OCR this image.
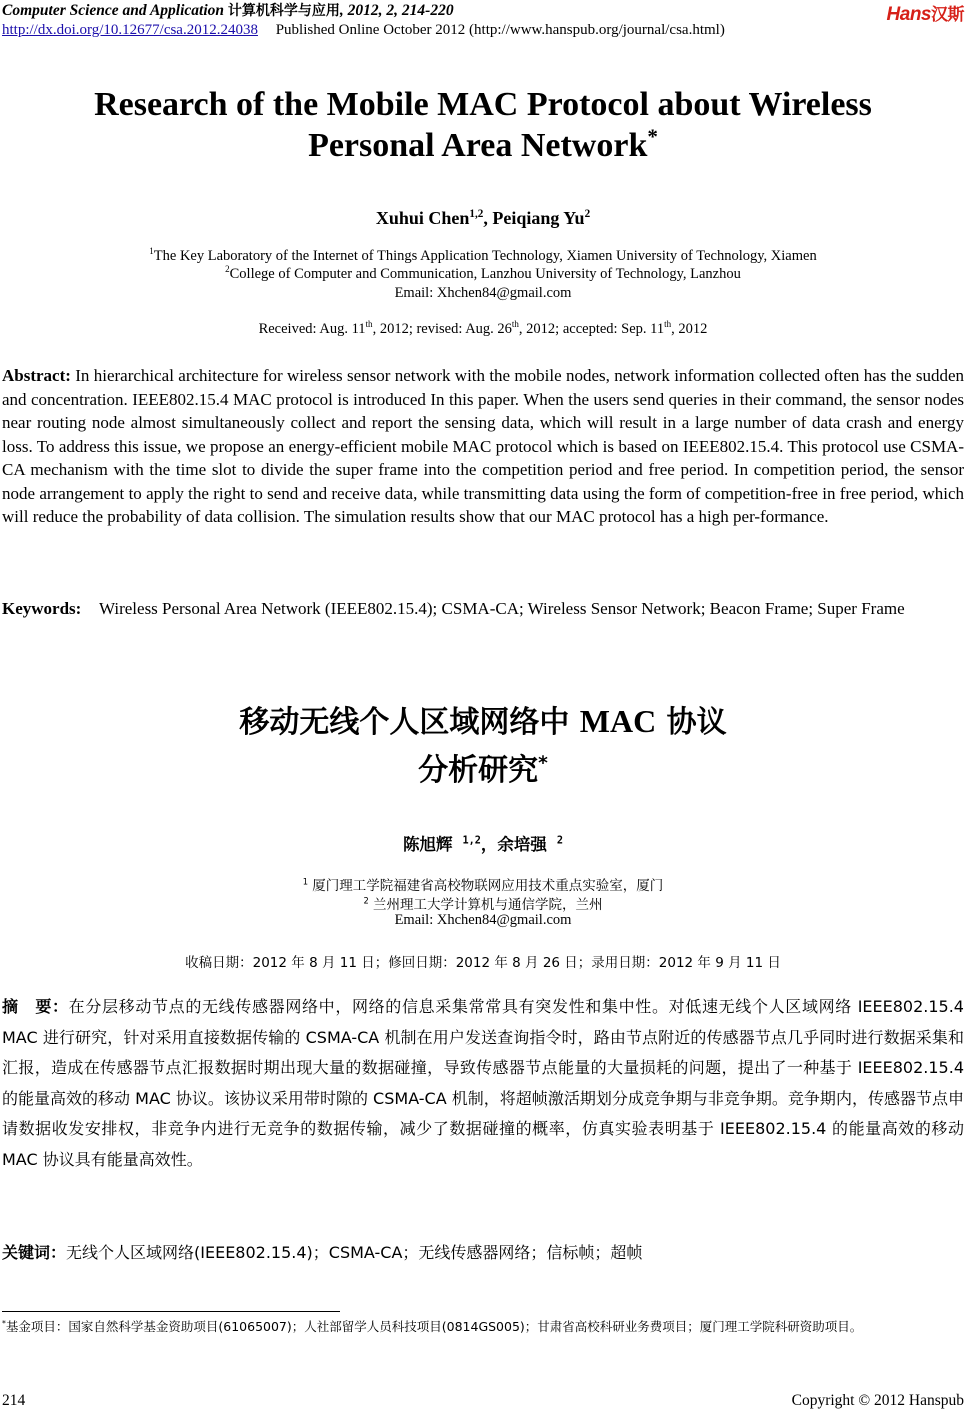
Computer Science and Application 计算机科学与应用, 2012, 2, 214-220
http://dx.doi.org/10.12677/csa.2012.24038 Published Online October 2012 (http://www.hanspub.org/journal/csa.html)
Hans汉斯
Research of the Mobile MAC Protocol about Wireless
Personal Area Network*
Xuhui Chen$^{1,2}$, Peiqiang Yu$^2$
$^1$The Key Laboratory of the Internet of Things Application Technology, Xiamen University of Technology, Xiamen
$^2$College of Computer and Communication, Lanzhou University of Technology, Lanzhou
Email: Xhchen84@gmail.com
Received: Aug. 11th, 2012; revised: Aug. 26th, 2012; accepted: Sep. 11th, 2012
Abstract: In hierarchical architecture for wireless sensor network with the mobile nodes, network information collected often has the sudden and concentration. IEEE802.15.4 MAC protocol is introduced In this paper. When the users send queries in their command, the sensor nodes near routing node almost simultaneously collect and report the sensing data, which will result in a large number of data crash and energy loss. To address this issue, we propose an energy-efficient mobile MAC protocol which is based on IEEE802.15.4. This protocol use CSMA-CA mechanism with the time slot to divide the super frame into the competition period and free period. In competition period, the sensor node arrangement to apply the right to send and receive data, while transmitting data using the form of competition-free in free period, which will reduce the probability of data collision. The simulation results show that our MAC protocol has a high per-formance.
Keywords: Wireless Personal Area Network (IEEE802.15.4); CSMA-CA; Wireless Sensor Network; Beacon Frame; Super Frame
移动无线个人区域网络中 MAC 协议
分析研究*
陈旭辉 $^{1,2}$，余培强 $^2$
$^1$ 厦门理工学院福建省高校物联网应用技术重点实验室，厦门
$^2$ 兰州理工大学计算机与通信学院，兰州
Email: Xhchen84@gmail.com
收稿日期：2012 年 8 月 11 日；修回日期：2012 年 8 月 26 日；录用日期：2012 年 9 月 11 日
摘　要：在分层移动节点的无线传感器网络中，网络的信息采集常常具有突发性和集中性。对低速无线个人区域网络 IEEE802.15.4 MAC 进行研究，针对采用直接数据传输的 CSMA-CA 机制在用户发送查询指令时，路由节点附近的传感器节点几乎同时进行数据采集和汇报，造成在传感器节点汇报数据时期出现大量的数据碰撞，导致传感器节点能量的大量损耗的问题，提出了一种基于 IEEE802.15.4 的能量高效的移动 MAC 协议。该协议采用带时隙的 CSMA-CA 机制，将超帧激活期划分成竞争期与非竞争期。竞争期内，传感器节点申请数据收发安排权，非竞争内进行无竞争的数据传输，减少了数据碰撞的概率，仿真实验表明基于 IEEE802.15.4 的能量高效的移动 MAC 协议具有能量高效性。
关键词：无线个人区域网络(IEEE802.15.4)；CSMA-CA；无线传感器网络；信标帧；超帧
*基金项目：国家自然科学基金资助项目(61065007)；人社部留学人员科技项目(0814GS005)；甘肃省高校科研业务费项目；厦门理工学院科研资助项目。
214	Copyright © 2012 Hanspub
